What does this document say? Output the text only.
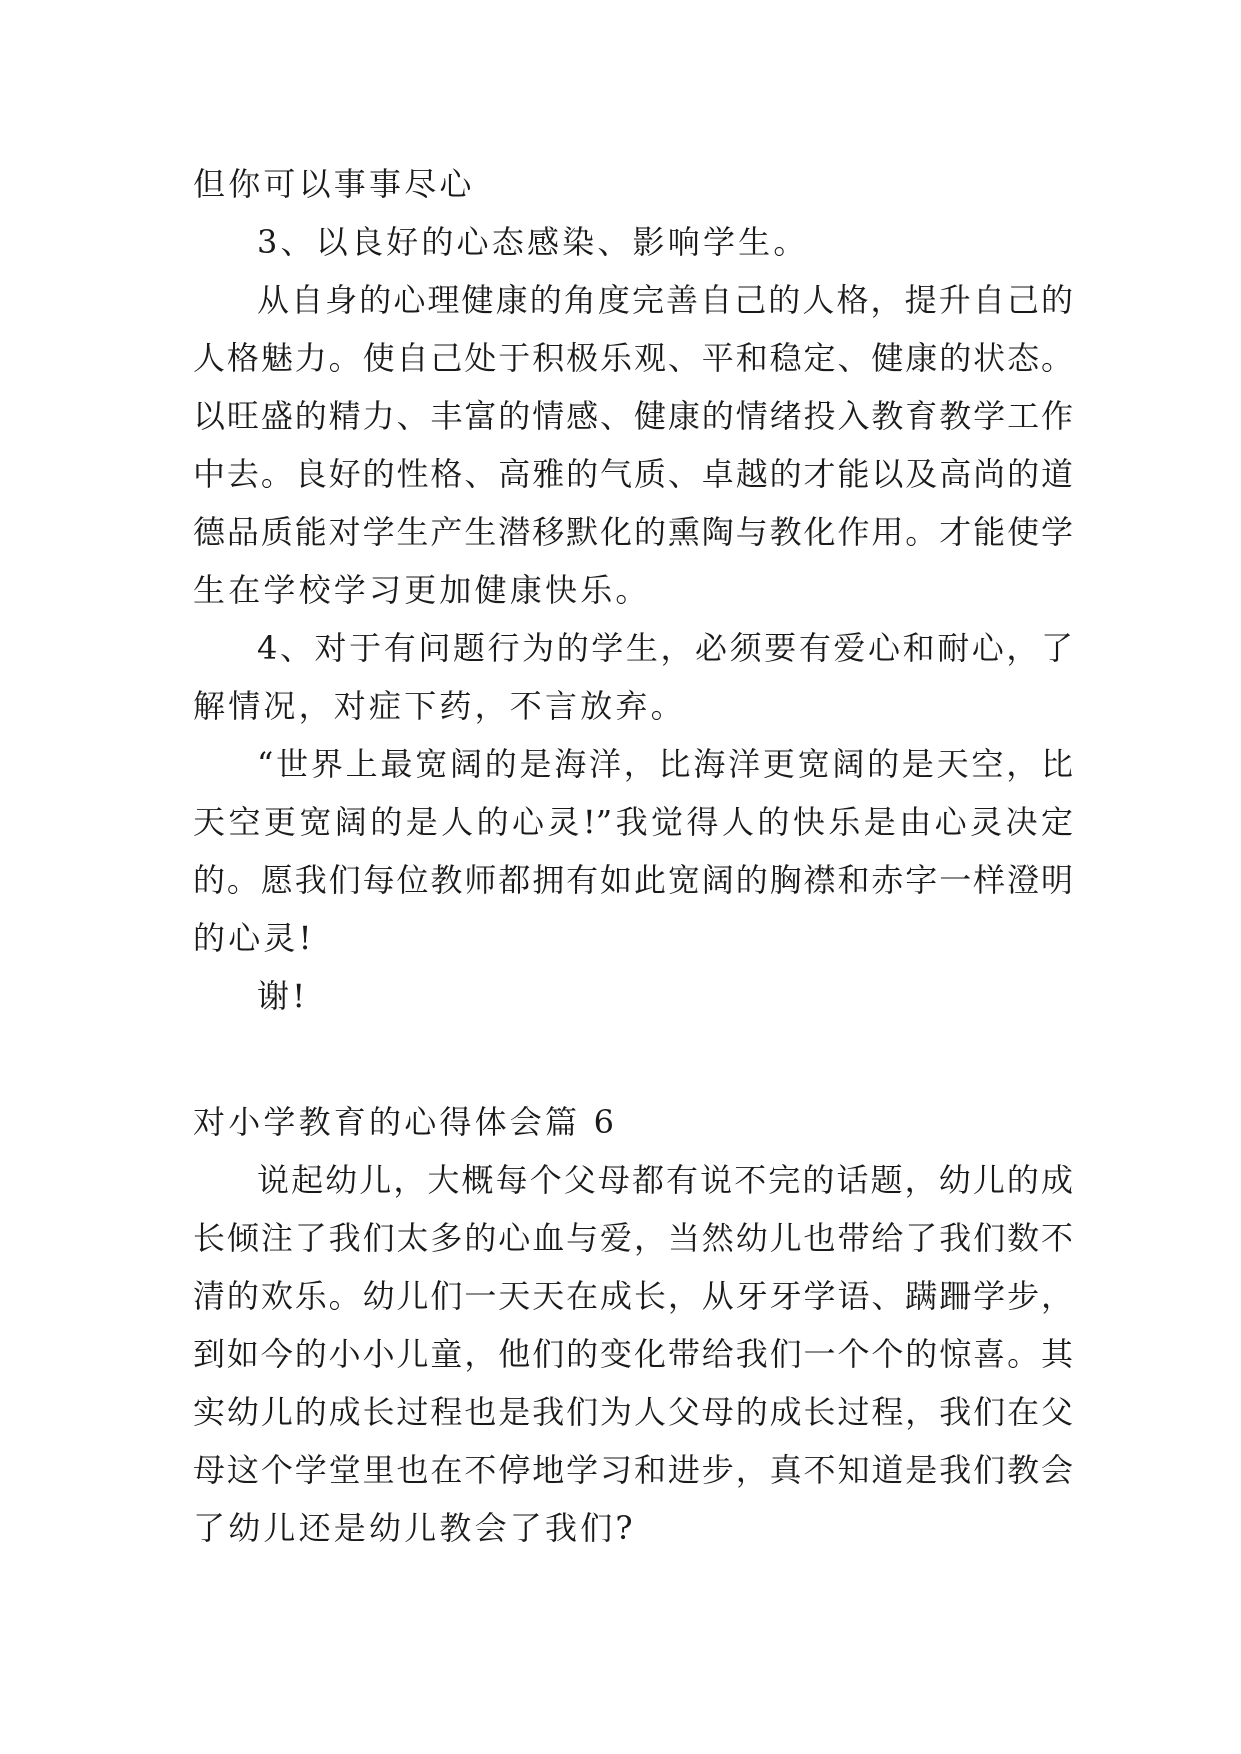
但你可以事事尽心
3、以良好的心态感染、影响学生。
从自身的心理健康的角度完善自己的人格，提升自己的
人格魅力。使自己处于积极乐观、平和稳定、健康的状态。
以旺盛的精力、丰富的情感、健康的情绪投入教育教学工作
中去。良好的性格、高雅的气质、卓越的才能以及高尚的道
德品质能对学生产生潜移默化的熏陶与教化作用。才能使学
生在学校学习更加健康快乐。
4、对于有问题行为的学生，必须要有爱心和耐心，了
解情况，对症下药，不言放弃。
“世界上最宽阔的是海洋，比海洋更宽阔的是天空，比
天空更宽阔的是人的心灵!”我觉得人的快乐是由心灵决定
的。愿我们每位教师都拥有如此宽阔的胸襟和赤字一样澄明
的心灵!
谢!
对小学教育的心得体会篇 6
说起幼儿，大概每个父母都有说不完的话题，幼儿的成
长倾注了我们太多的心血与爱，当然幼儿也带给了我们数不
清的欢乐。幼儿们一天天在成长，从牙牙学语、蹒跚学步，
到如今的小小儿童，他们的变化带给我们一个个的惊喜。其
实幼儿的成长过程也是我们为人父母的成长过程，我们在父
母这个学堂里也在不停地学习和进步，真不知道是我们教会
了幼儿还是幼儿教会了我们?
